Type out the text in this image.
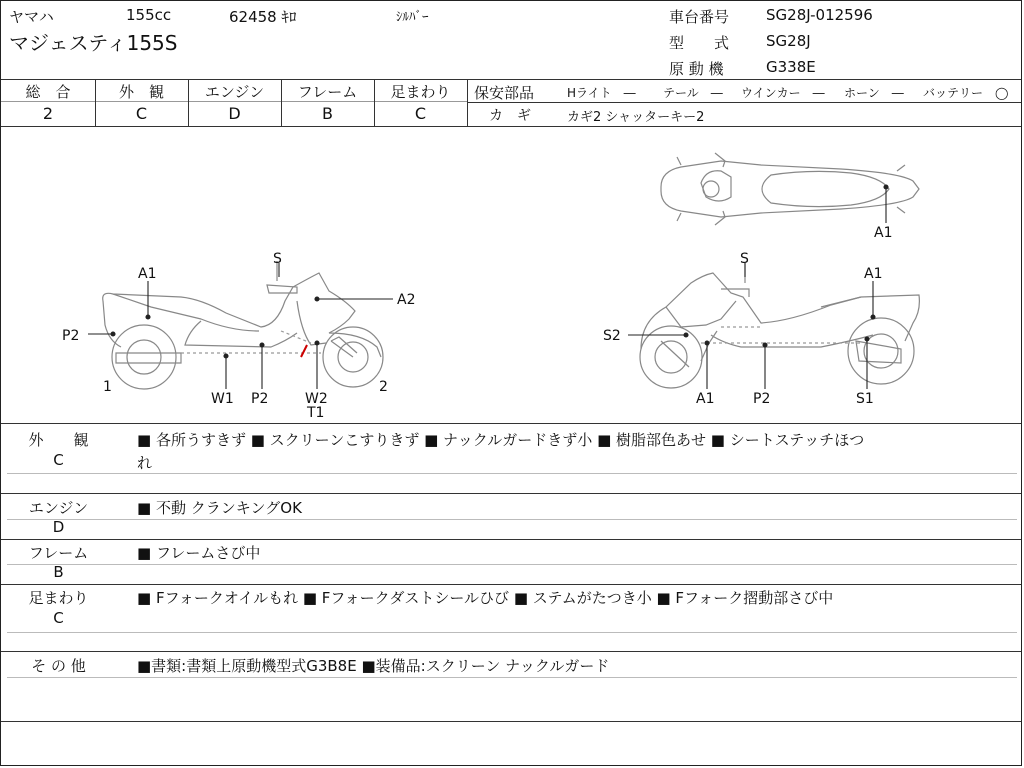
ヤマハ	155cc	62458 ｷﾛ	ｼﾙﾊﾞｰ
マジェスティ155S
車台番号 SG28J-012596
型　　式 SG28J
原 動 機	G338E
総　合
2
外　観
C
エンジン
D
フレーム
B
足まわり
C
保安部品	Hライト　― テール　― ウインカー　― ホーン　― バッテリー　◯
カ　ギ	カギ2 シャッターキー2
A1
S
A2
P2
1
W1 P2	W2
T1
2
A1
S
S2
A1	P2	S1
A1
外　　観
C
■ 各所うすきず ■ スクリーンこすりきず ■ ナックルガードきず小 ■ 樹脂部色あせ ■ シートステッチほつ
れ
エンジン
D
■ 不動 クランキングOK
フレーム
B
■ フレームさび中
足まわり
C
■ Fフォークオイルもれ ■ Fフォークダストシールひび ■ ステムがたつき小 ■ Fフォーク摺動部さび中
そ の 他	■書類:書類上原動機型式G3B8E ■装備品:スクリーン ナックルガード
